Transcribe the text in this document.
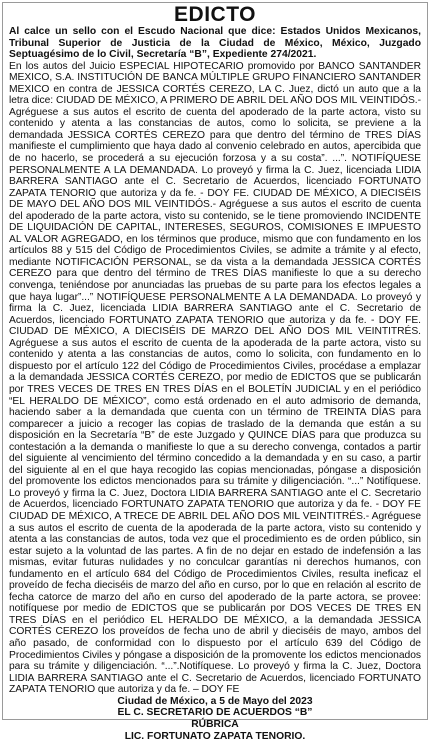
EDICTO
Al calce un sello con el Escudo Nacional que dice: Estados Unidos Mexicanos, Tribunal Superior de Justicia de la Ciudad de México, México, Juzgado Septuagésimo de lo Civil, Secretaría “B”, Expediente 274/2021.
En los autos del Juicio ESPECIAL HIPOTECARIO promovido por BANCO SANTANDER MEXICO, S.A. INSTITUCIÓN DE BANCA MÚLTIPLE GRUPO FINANCIERO SANTANDER MEXICO en contra de JESSICA CORTÉS CEREZO, LA C. Juez, dictó un auto que a la letra dice: CIUDAD DE MÉXICO, A PRIMERO DE ABRIL DEL AÑO DOS MIL VEINTIDÓS.- Agréguese a sus autos el escrito de cuenta del apoderado de la parte actora, visto su contenido y atenta a las constancias de autos, como lo solicita, se previene a la demandada JESSICA CORTÉS CEREZO para que dentro del término de TRES DÍAS manifieste el cumplimiento que haya dado al convenio celebrado en autos, apercibida que de no hacerlo, se procederá a su ejecución forzosa y a su costa”. ...”. NOTIFÍQUESE PERSONALMENTE A LA DEMANDADA. Lo proveyó y firma la C. Juez, licenciada LIDIA BARRERA SANTIAGO ante el C. Secretario de Acuerdos, licenciado FORTUNATO ZAPATA TENORIO que autoriza y da fe. - DOY FE. CIUDAD DE MÉXICO, A DIECISÉIS DE MAYO DEL AÑO DOS MIL VEINTIDÓS.- Agréguese a sus autos el escrito de cuenta del apoderado de la parte actora, visto su contenido, se le tiene promoviendo INCIDENTE DE LIQUIDACIÓN DE CAPITAL, INTERESES, SEGUROS, COMISIONES E IMPUESTO AL VALOR AGREGADO, en los términos que produce, mismo que con fundamento en los artículos 88 y 515 del Código de Procedimientos Civiles, se admite a trámite y al efecto, mediante NOTIFICACIÓN PERSONAL, se da vista a la demandada JESSICA CORTÉS CEREZO para que dentro del término de TRES DÍAS manifieste lo que a su derecho convenga, teniéndose por anunciadas las pruebas de su parte para los efectos legales a que haya lugar”...” NOTIFÍQUESE PERSONALMENTE A LA DEMANDADA. Lo proveyó y firma la C. Juez, licenciada LIDIA BARRERA SANTIAGO ante el C. Secretario de Acuerdos, licenciado FORTUNATO ZAPATA TENORIO que autoriza y da fe. - DOY FE. CIUDAD DE MÉXICO, A DIECISÉIS DE MARZO DEL AÑO DOS MIL VEINTITRÉS. Agréguese a sus autos el escrito de cuenta de la apoderada de la parte actora, visto su contenido y atenta a las constancias de autos, como lo solicita, con fundamento en lo dispuesto por el artículo 122 del Código de Procedimientos Civiles, procédase a emplazar a la demandada JESSICA CORTÉS CEREZO, por medio de EDICTOS que se publicarán por TRES VECES DE TRES EN TRES DÍAS en el BOLETÍN JUDICIAL y en el periódico “EL HERALDO DE MÉXICO”, como está ordenado en el auto admisorio de demanda, haciendo saber a la demandada que cuenta con un término de TREINTA DÍAS para comparecer a juicio a recoger las copias de traslado de la demanda que están a su disposición en la Secretaría “B” de este Juzgado y QUINCE DÍAS para que produzca su contestación a la demanda o manifieste lo que a su derecho convenga, contados a partir del siguiente al vencimiento del término concedido a la demandada y en su caso, a partir del siguiente al en el que haya recogido las copias mencionadas, póngase a disposición del promovente los edictos mencionados para su trámite y diligenciación. “...” Notifíquese. Lo proveyó y firma la C. Juez, Doctora LIDIA BARRERA SANTIAGO ante el C. Secretario de Acuerdos, licenciado FORTUNATO ZAPATA TENORIO que autoriza y da fe. - DOY FE CIUDAD DE MÉXICO, A TRECE DE ABRIL DEL AÑO DOS MIL VEINTITRÉS.- Agréguese a sus autos el escrito de cuenta de la apoderada de la parte actora, visto su contenido y atenta a las constancias de autos, toda vez que el procedimiento es de orden público, sin estar sujeto a la voluntad de las partes. A fin de no dejar en estado de indefensión a las mismas, evitar futuras nulidades y no conculcar garantías ni derechos humanos, con fundamento en el artículo 684 del Código de Procedimientos Civiles, resulta ineficaz el proveído de fecha dieciséis de marzo del año en curso, por lo que en relación al escrito de fecha catorce de marzo del año en curso del apoderado de la parte actora, se provee: notifíquese por medio de EDICTOS que se publicarán por DOS VECES DE TRES EN TRES DÍAS en el periódico EL HERALDO DE MÉXICO, a la demandada JESSICA CORTÉS CEREZO los proveídos de fecha uno de abril y dieciséis de mayo, ambos del año pasado, de conformidad con lo dispuesto por el artículo 639 del Código de Procedimientos Civiles y póngase a disposición de la promovente los edictos mencionados para su trámite y diligenciación. “...”.Notifíquese. Lo proveyó y firma la C. Juez, Doctora LIDIA BARRERA SANTIAGO ante el C. Secretario de Acuerdos, licenciado FORTUNATO ZAPATA TENORIO que autoriza y da fe. – DOY FE
Ciudad de México, a 5 de Mayo del 2023
EL C. SECRETARIO DE ACUERDOS “B”
RÚBRICA
LIC. FORTUNATO ZAPATA TENORIO.
